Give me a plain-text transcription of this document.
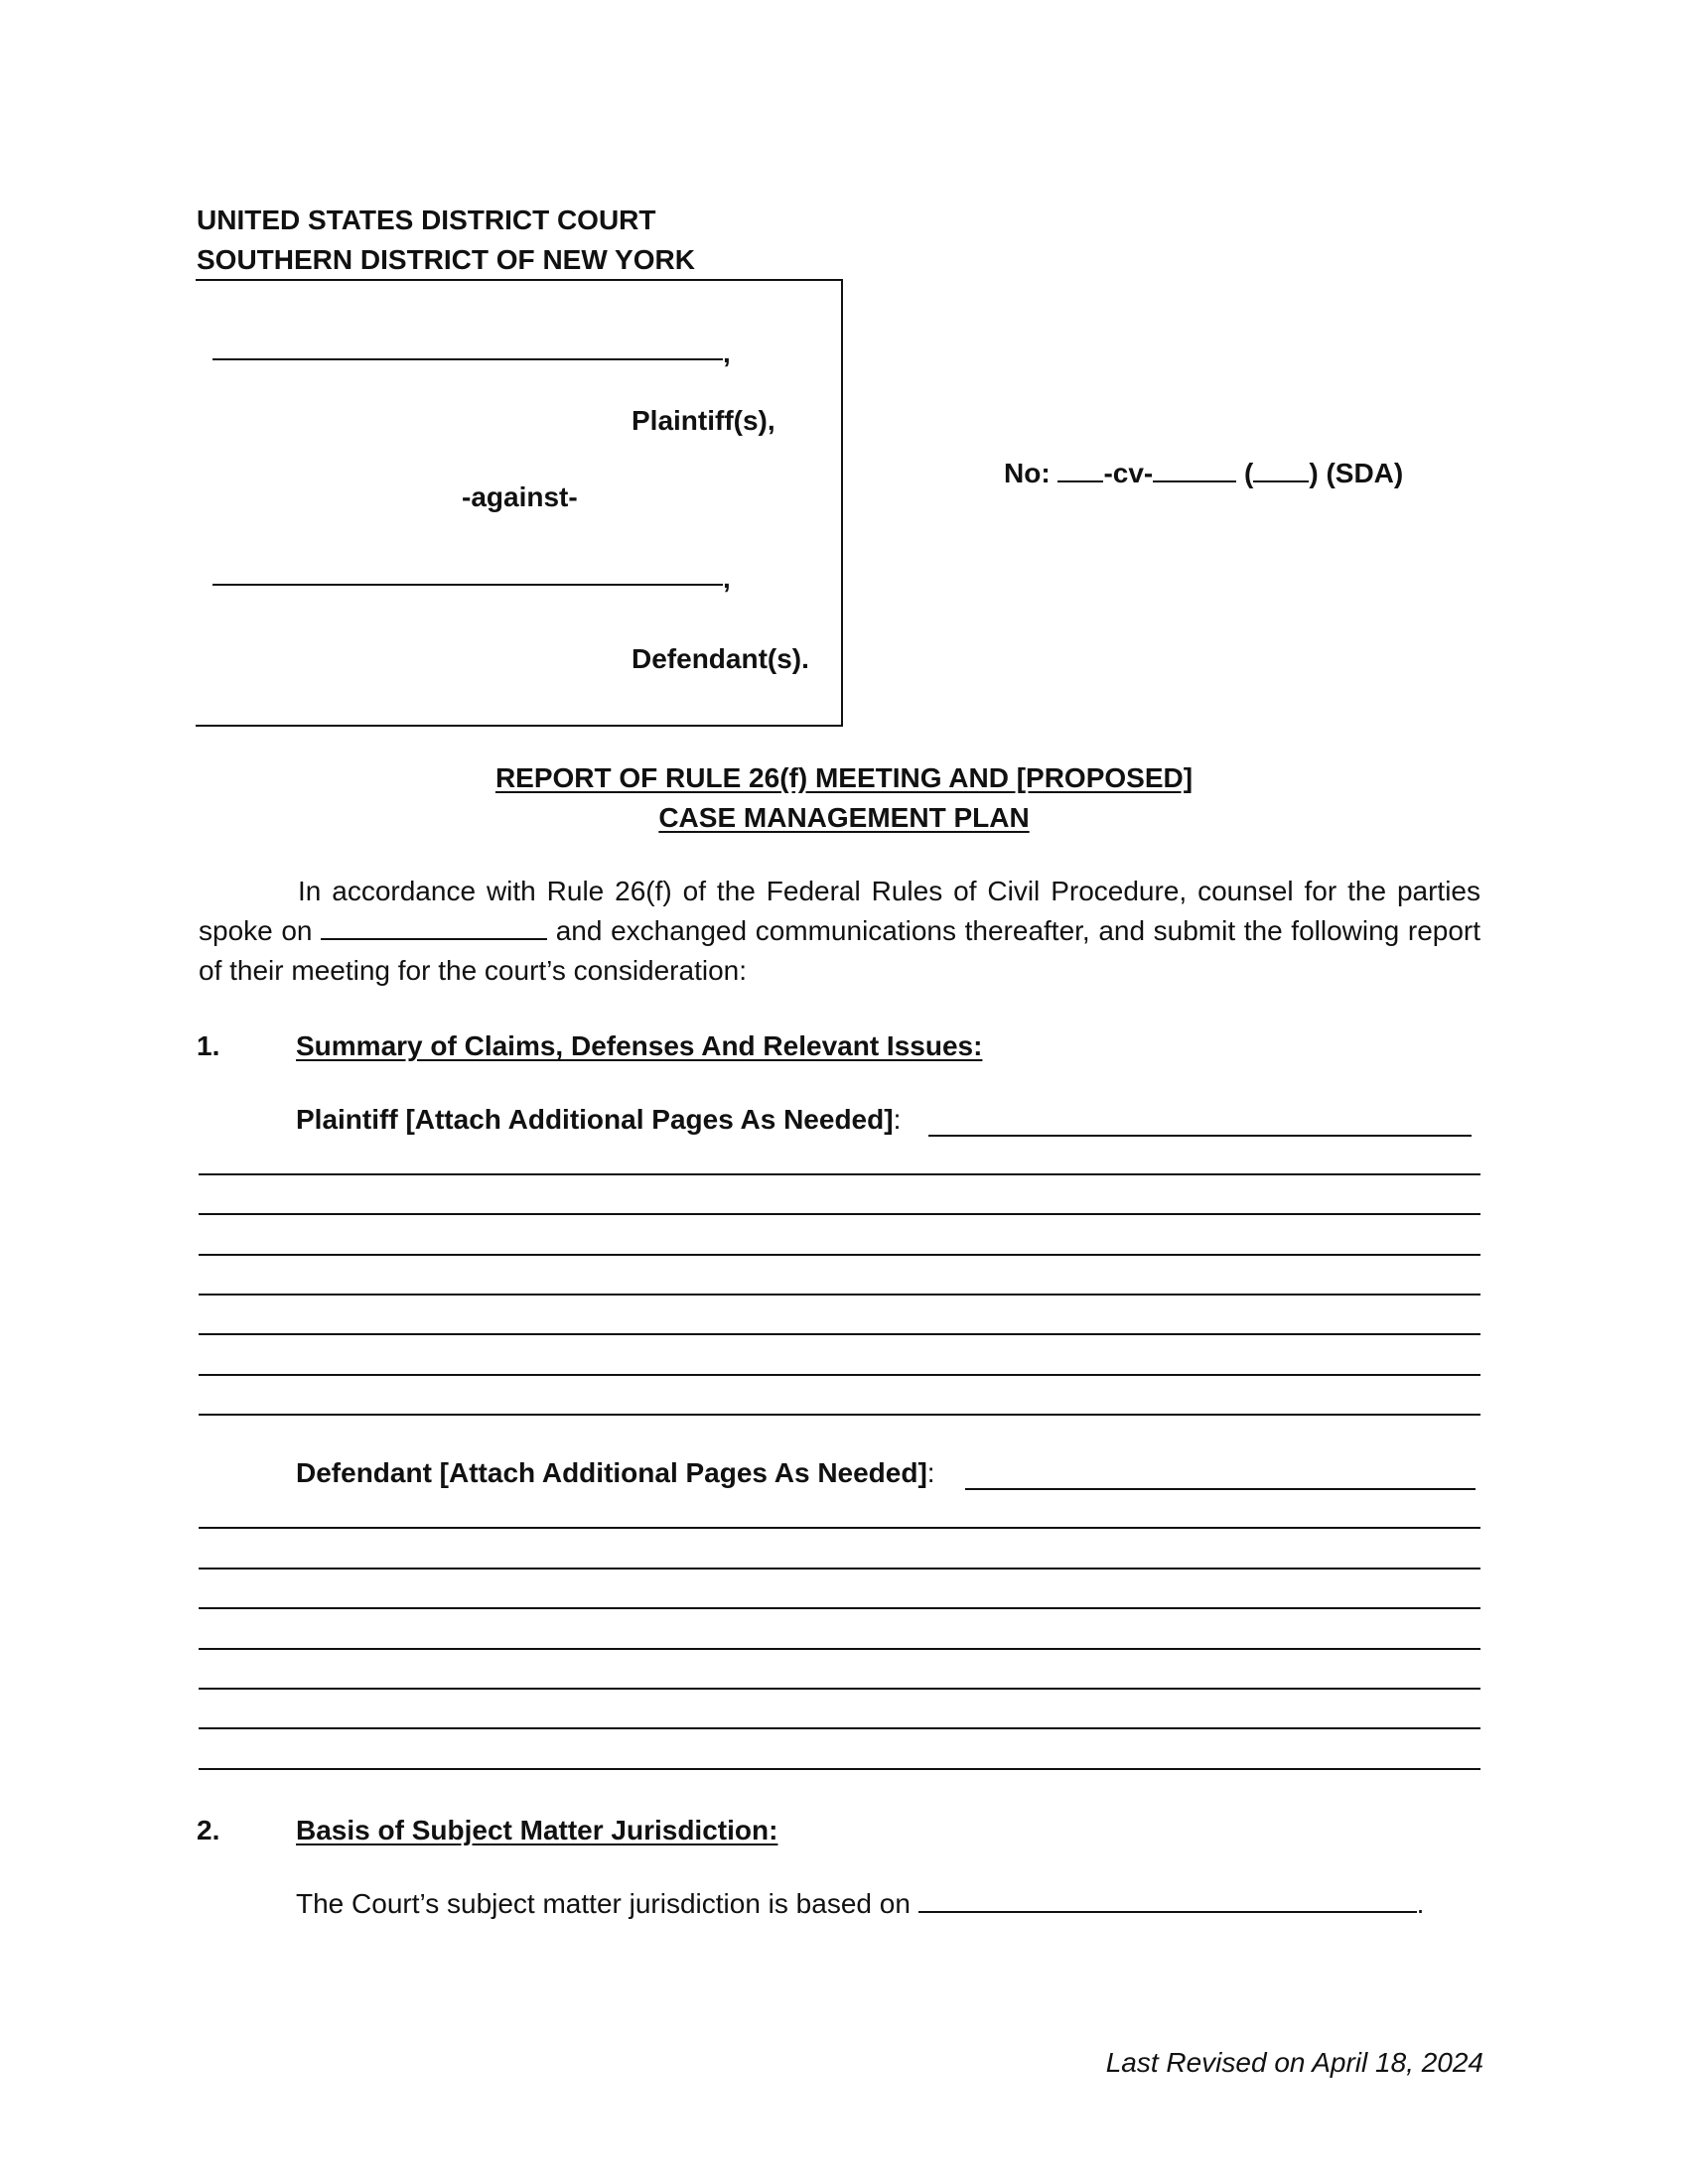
UNITED STATES DISTRICT COURT
SOUTHERN DISTRICT OF NEW YORK
,
Plaintiff(s),
-against-
,
Defendant(s).
No: -cv-	( ) (SDA)
REPORT OF RULE 26(f) MEETING AND [PROPOSED]
CASE MANAGEMENT PLAN
In accordance with Rule 26(f) of the Federal Rules of Civil Procedure, counsel for the parties spoke on	and exchanged communications thereafter, and submit the following report of their meeting for the court’s consideration:
1.	Summary of Claims, Defenses And Relevant Issues:
Plaintiff [Attach Additional Pages As Needed]:
Defendant [Attach Additional Pages As Needed]:
2.	Basis of Subject Matter Jurisdiction:
The Court’s subject matter jurisdiction is based on	.
Last Revised on April 18, 2024
